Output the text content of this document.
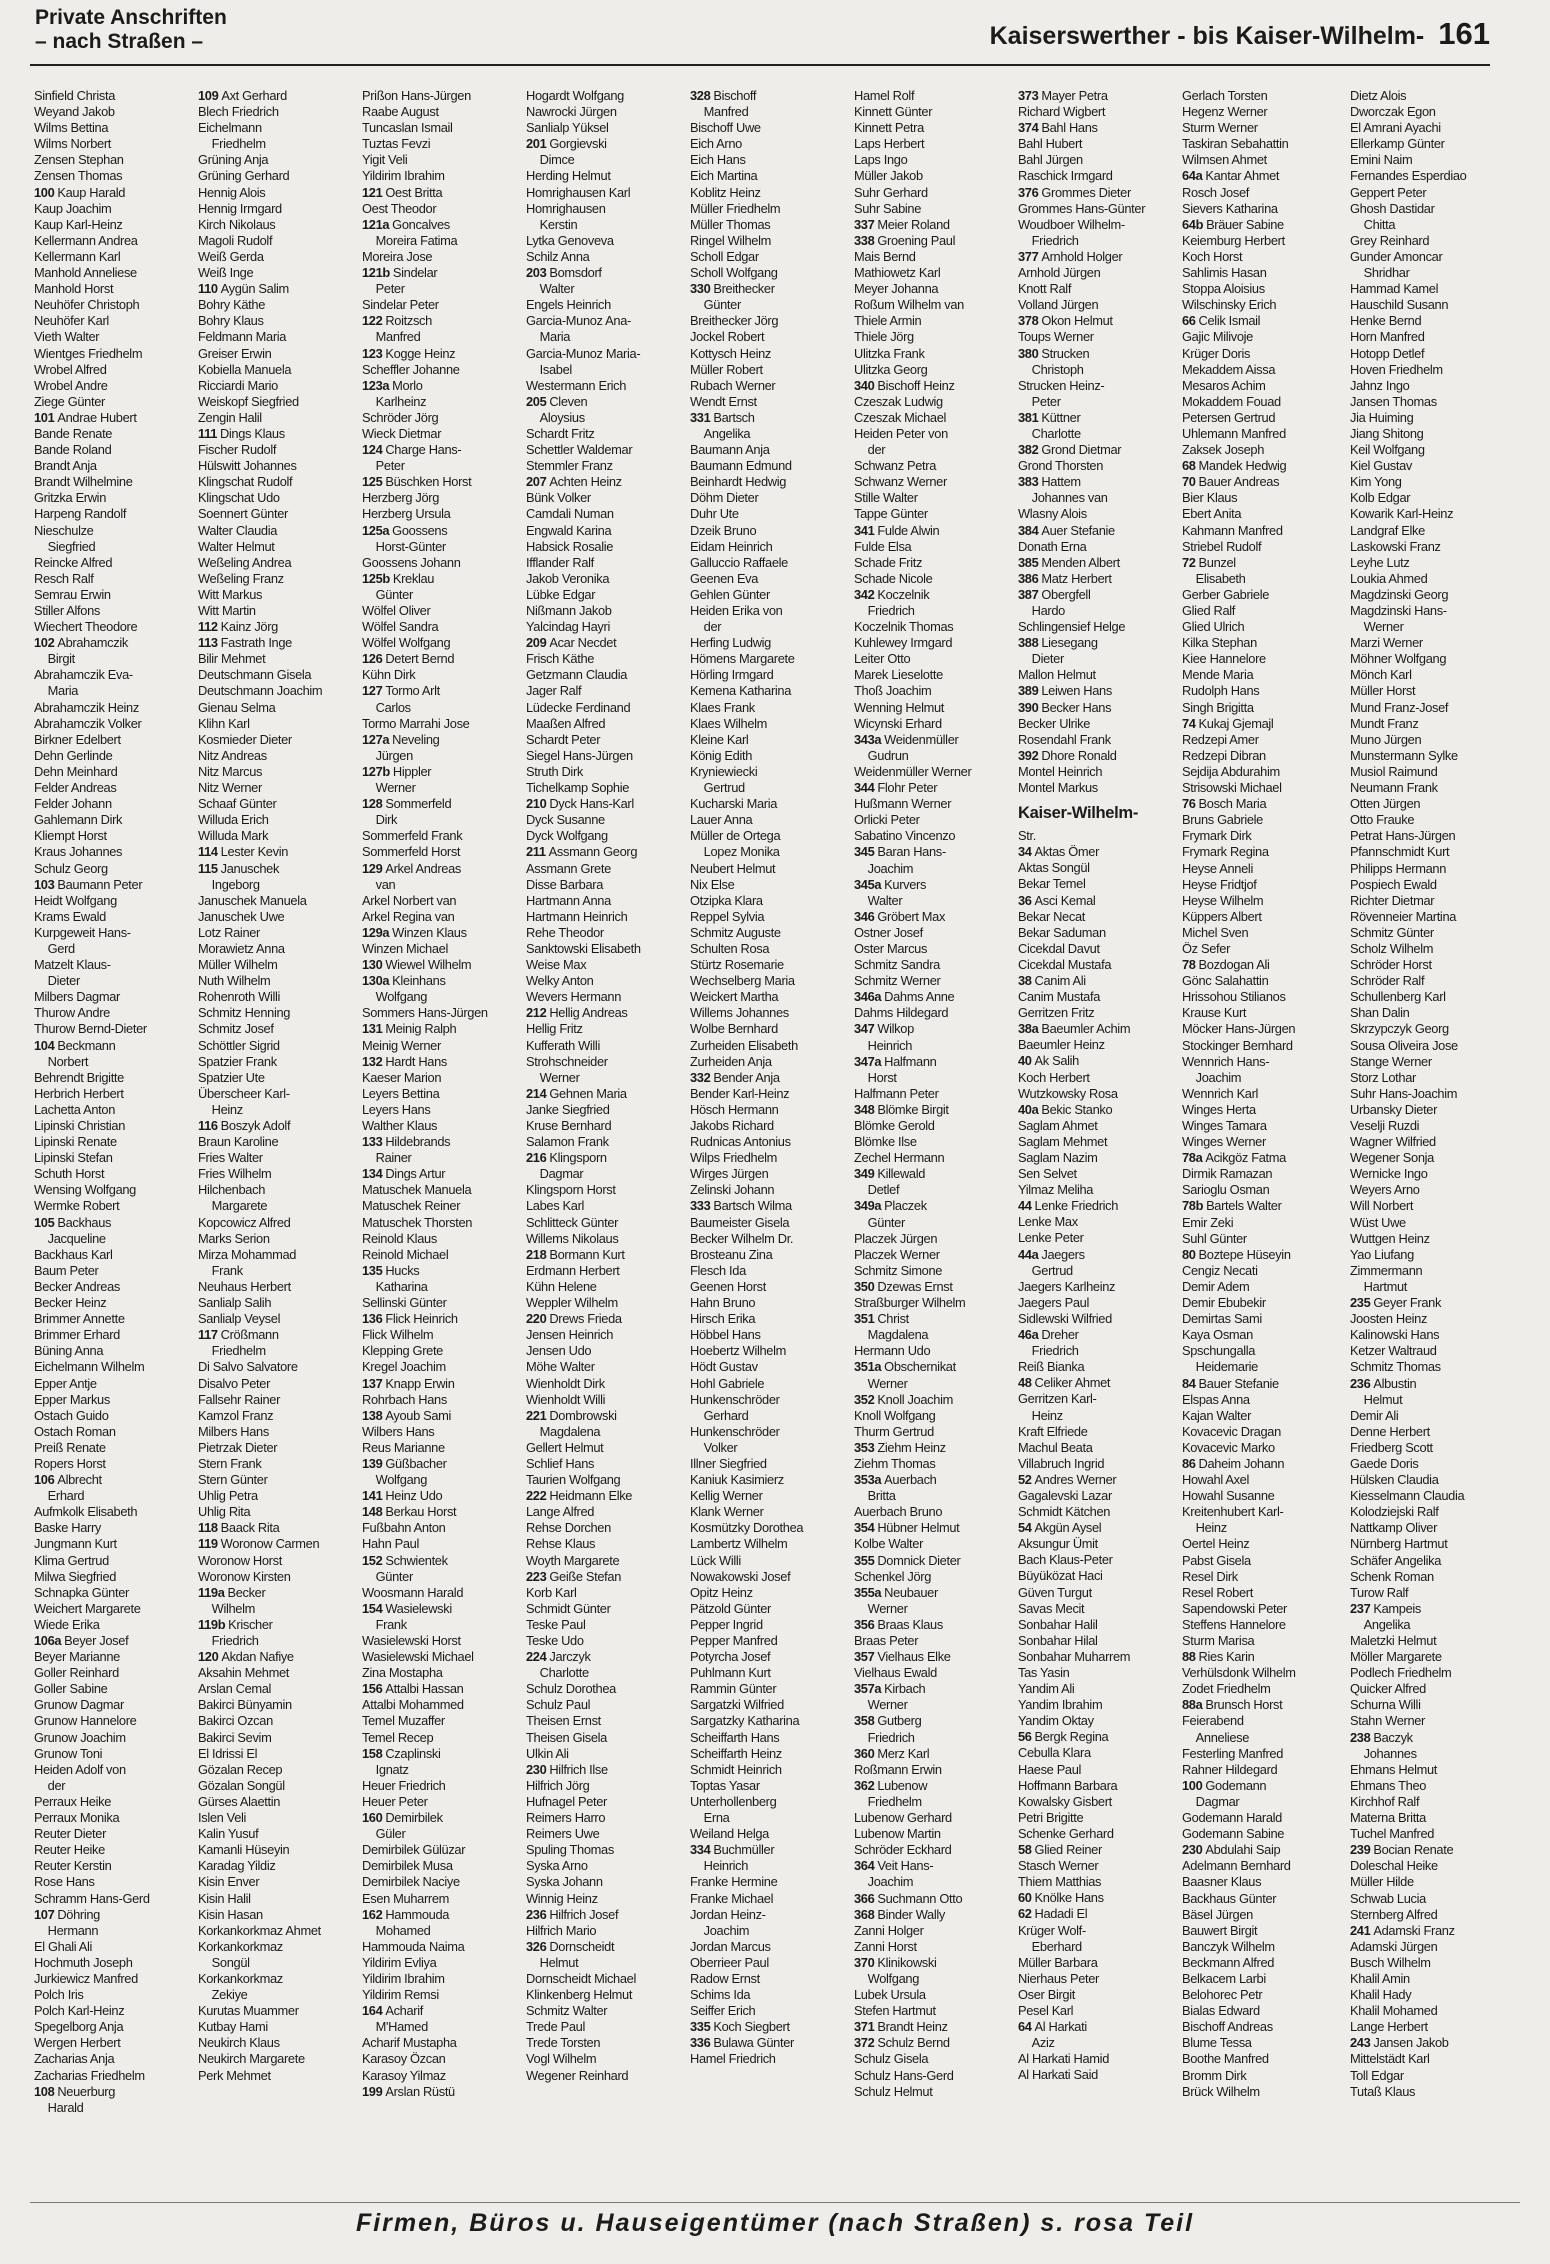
Private Anschriften
– nach Straßen –	Kaiserswerther - bis Kaiser-Wilhelm- 161
Sinfield Christa
Weyand Jakob
Wilms Bettina
Wilms Norbert
Zensen Stephan
Zensen Thomas
100 Kaup Harald
Kaup Joachim
Kaup Karl-Heinz
Kellermann Andrea
Kellermann Karl
Manhold Anneliese
Manhold Horst
Neuhöfer Christoph
Neuhöfer Karl
Vieth Walter
Wientges Friedhelm
Wrobel Alfred
Wrobel Andre
Ziege Günter
101 Andrae Hubert
Bande Renate
Bande Roland
Brandt Anja
Brandt Wilhelmine
Gritzka Erwin
Harpeng Randolf
Nieschulze
Siegfried
Reincke Alfred
Resch Ralf
Semrau Erwin
Stiller Alfons
Wiechert Theodore
102 Abrahamczik
Birgit
Abrahamczik Eva-
Maria
Abrahamczik Heinz
Abrahamczik Volker
Birkner Edelbert
Dehn Gerlinde
Dehn Meinhard
Felder Andreas
Felder Johann
Gahlemann Dirk
Kliempt Horst
Kraus Johannes
Schulz Georg
103 Baumann Peter
Heidt Wolfgang
Krams Ewald
Kurpgeweit Hans-
Gerd
Matzelt Klaus-
Dieter
Milbers Dagmar
Thurow Andre
Thurow Bernd-Dieter
104 Beckmann
Norbert
Behrendt Brigitte
Herbrich Herbert
Lachetta Anton
Lipinski Christian
Lipinski Renate
Lipinski Stefan
Schuth Horst
Wensing Wolfgang
Wermke Robert
105 Backhaus
Jacqueline
Backhaus Karl
Baum Peter
Becker Andreas
Becker Heinz
Brimmer Annette
Brimmer Erhard
Büning Anna
Eichelmann Wilhelm
Epper Antje
Epper Markus
Ostach Guido
Ostach Roman
Preiß Renate
Ropers Horst
106 Albrecht
Erhard
Aufmkolk Elisabeth
Baske Harry
Jungmann Kurt
Klima Gertrud
Milwa Siegfried
Schnapka Günter
Weichert Margarete
Wiede Erika
106a Beyer Josef
Beyer Marianne
Goller Reinhard
Goller Sabine
Grunow Dagmar
Grunow Hannelore
Grunow Joachim
Grunow Toni
Heiden Adolf von
der
Perraux Heike
Perraux Monika
Reuter Dieter
Reuter Heike
Reuter Kerstin
Rose Hans
Schramm Hans-Gerd
107 Döhring
Hermann
El Ghali Ali
Hochmuth Joseph
Jurkiewicz Manfred
Polch Iris
Polch Karl-Heinz
Spegelborg Anja
Wergen Herbert
Zacharias Anja
Zacharias Friedhelm
108 Neuerburg
Harald
109 Axt Gerhard
Blech Friedrich
Eichelmann
Friedhelm
Grüning Anja
Grüning Gerhard
Hennig Alois
Hennig Irmgard
Kirch Nikolaus
Magoli Rudolf
Weiß Gerda
Weiß Inge
110 Aygün Salim
Bohry Käthe
Bohry Klaus
Feldmann Maria
Greiser Erwin
Kobiella Manuela
Ricciardi Mario
Weiskopf Siegfried
Zengin Halil
111 Dings Klaus
Fischer Rudolf
Hülswitt Johannes
Klingschat Rudolf
Klingschat Udo
Soennert Günter
Walter Claudia
Walter Helmut
Weßeling Andrea
Weßeling Franz
Witt Markus
Witt Martin
112 Kainz Jörg
113 Fastrath Inge
Bilir Mehmet
Deutschmann Gisela
Deutschmann Joachim
Gienau Selma
Klihn Karl
Kosmieder Dieter
Nitz Andreas
Nitz Marcus
Nitz Werner
Schaaf Günter
Willuda Erich
Willuda Mark
114 Lester Kevin
115 Januschek
Ingeborg
Januschek Manuela
Januschek Uwe
Lotz Rainer
Morawietz Anna
Müller Wilhelm
Nuth Wilhelm
Rohenroth Willi
Schmitz Henning
Schmitz Josef
Schöttler Sigrid
Spatzier Frank
Spatzier Ute
Überscheer Karl-
Heinz
116 Boszyk Adolf
Braun Karoline
Fries Walter
Fries Wilhelm
Hilchenbach
Margarete
Kopcowicz Alfred
Marks Serion
Mirza Mohammad
Frank
Neuhaus Herbert
Sanlialp Salih
Sanlialp Veysel
117 Crößmann
Friedhelm
Di Salvo Salvatore
Disalvo Peter
Fallsehr Rainer
Kamzol Franz
Milbers Hans
Pietrzak Dieter
Stern Frank
Stern Günter
Uhlig Petra
Uhlig Rita
118 Baack Rita
119 Woronow Carmen
Woronow Horst
Woronow Kirsten
119a Becker
Wilhelm
119b Krischer
Friedrich
120 Akdan Nafiye
Aksahin Mehmet
Arslan Cemal
Bakirci Bünyamin
Bakirci Ozcan
Bakirci Sevim
El Idrissi El
Gözalan Recep
Gözalan Songül
Gürses Alaettin
Islen Veli
Kalin Yusuf
Kamanli Hüseyin
Karadag Yildiz
Kisin Enver
Kisin Halil
Kisin Hasan
Korkankorkmaz Ahmet
Korkankorkmaz
Songül
Korkankorkmaz
Zekiye
Kurutas Muammer
Kutbay Hami
Neukirch Klaus
Neukirch Margarete
Perk Mehmet
Prißon Hans-Jürgen
Raabe August
Tuncaslan Ismail
Tuztas Fevzi
Yigit Veli
Yildirim Ibrahim
121 Oest Britta
Oest Theodor
121a Goncalves
Moreira Fatima
Moreira Jose
121b Sindelar
Peter
Sindelar Peter
122 Roitzsch
Manfred
123 Kogge Heinz
Scheffler Johanne
123a Morlo
Karlheinz
Schröder Jörg
Wieck Dietmar
124 Charge Hans-
Peter
125 Büschken Horst
Herzberg Jörg
Herzberg Ursula
125a Goossens
Horst-Günter
Goossens Johann
125b Kreklau
Günter
Wölfel Oliver
Wölfel Sandra
Wölfel Wolfgang
126 Detert Bernd
Kühn Dirk
127 Tormo Arlt
Carlos
Tormo Marrahi Jose
127a Neveling
Jürgen
127b Hippler
Werner
128 Sommerfeld
Dirk
Sommerfeld Frank
Sommerfeld Horst
129 Arkel Andreas
van
Arkel Norbert van
Arkel Regina van
129a Winzen Klaus
Winzen Michael
130 Wiewel Wilhelm
130a Kleinhans
Wolfgang
Sommers Hans-Jürgen
131 Meinig Ralph
Meinig Werner
132 Hardt Hans
Kaeser Marion
Leyers Bettina
Leyers Hans
Walther Klaus
133 Hildebrands
Rainer
134 Dings Artur
Matuschek Manuela
Matuschek Reiner
Matuschek Thorsten
Reinold Klaus
Reinold Michael
135 Hucks
Katharina
Sellinski Günter
136 Flick Heinrich
Flick Wilhelm
Klepping Grete
Kregel Joachim
137 Knapp Erwin
Rohrbach Hans
138 Ayoub Sami
Wilbers Hans
Reus Marianne
139 Güßbacher
Wolfgang
141 Heinz Udo
148 Berkau Horst
Fußbahn Anton
Hahn Paul
152 Schwientek
Günter
Woosmann Harald
154 Wasielewski
Frank
Wasielewski Horst
Wasielewski Michael
Zina Mostapha
156 Attalbi Hassan
Attalbi Mohammed
Temel Muzaffer
Temel Recep
158 Czaplinski
Ignatz
Heuer Friedrich
Heuer Peter
160 Demirbilek
Güler
Demirbilek Gülüzar
Demirbilek Musa
Demirbilek Naciye
Esen Muharrem
162 Hammouda
Mohamed
Hammouda Naima
Yildirim Evliya
Yildirim Ibrahim
Yildirim Remsi
164 Acharif
M'Hamed
Acharif Mustapha
Karasoy Özcan
Karasoy Yilmaz
199 Arslan Rüstü
Hogardt Wolfgang
Nawrocki Jürgen
Sanlialp Yüksel
201 Gorgievski
Dimce
Herding Helmut
Homrighausen Karl
Homrighausen
Kerstin
Lytka Genoveva
Schilz Anna
203 Bomsdorf
Walter
Engels Heinrich
Garcia-Munoz Ana-
Maria
Garcia-Munoz Maria-
Isabel
Westermann Erich
205 Cleven
Aloysius
Schardt Fritz
Schettler Waldemar
Stemmler Franz
207 Achten Heinz
Bünk Volker
Camdali Numan
Engwald Karina
Habsick Rosalie
Ifflander Ralf
Jakob Veronika
Lübke Edgar
Nißmann Jakob
Yalcindag Hayri
209 Acar Necdet
Frisch Käthe
Getzmann Claudia
Jager Ralf
Lüdecke Ferdinand
Maaßen Alfred
Schardt Peter
Siegel Hans-Jürgen
Struth Dirk
Tichelkamp Sophie
210 Dyck Hans-Karl
Dyck Susanne
Dyck Wolfgang
211 Assmann Georg
Assmann Grete
Disse Barbara
Hartmann Anna
Hartmann Heinrich
Rehe Theodor
Sanktowski Elisabeth
Weise Max
Welky Anton
Wevers Hermann
212 Hellig Andreas
Hellig Fritz
Kufferath Willi
Strohschneider
Werner
214 Gehnen Maria
Janke Siegfried
Kruse Bernhard
Salamon Frank
216 Klingsporn
Dagmar
Klingsporn Horst
Labes Karl
Schlitteck Günter
Willems Nikolaus
218 Bormann Kurt
Erdmann Herbert
Kühn Helene
Weppler Wilhelm
220 Drews Frieda
Jensen Heinrich
Jensen Udo
Möhe Walter
Wienholdt Dirk
Wienholdt Willi
221 Dombrowski
Magdalena
Gellert Helmut
Schlief Hans
Taurien Wolfgang
222 Heidmann Elke
Lange Alfred
Rehse Dorchen
Rehse Klaus
Woyth Margarete
223 Geiße Stefan
Korb Karl
Schmidt Günter
Teske Paul
Teske Udo
224 Jarczyk
Charlotte
Schulz Dorothea
Schulz Paul
Theisen Ernst
Theisen Gisela
Ulkin Ali
230 Hilfrich Ilse
Hilfrich Jörg
Hufnagel Peter
Reimers Harro
Reimers Uwe
Spuling Thomas
Syska Arno
Syska Johann
Winnig Heinz
236 Hilfrich Josef
Hilfrich Mario
326 Dornscheidt
Helmut
Dornscheidt Michael
Klinkenberg Helmut
Schmitz Walter
Trede Paul
Trede Torsten
Vogl Wilhelm
Wegener Reinhard
328 Bischoff
Manfred
Bischoff Uwe
Eich Arno
Eich Hans
Eich Martina
Koblitz Heinz
Müller Friedhelm
Müller Thomas
Ringel Wilhelm
Scholl Edgar
Scholl Wolfgang
330 Breithecker
Günter
Breithecker Jörg
Jockel Robert
Kottysch Heinz
Müller Robert
Rubach Werner
Wendt Ernst
331 Bartsch
Angelika
Baumann Anja
Baumann Edmund
Beinhardt Hedwig
Döhm Dieter
Duhr Ute
Dzeik Bruno
Eidam Heinrich
Galluccio Raffaele
Geenen Eva
Gehlen Günter
Heiden Erika von
der
Herfing Ludwig
Hömens Margarete
Hörling Irmgard
Kemena Katharina
Klaes Frank
Klaes Wilhelm
Kleine Karl
König Edith
Kryniewiecki
Gertrud
Kucharski Maria
Lauer Anna
Müller de Ortega
Lopez Monika
Neubert Helmut
Nix Else
Otzipka Klara
Reppel Sylvia
Schmitz Auguste
Schulten Rosa
Stürtz Rosemarie
Wechselberg Maria
Weickert Martha
Willems Johannes
Wolbe Bernhard
Zurheiden Elisabeth
Zurheiden Anja
332 Bender Anja
Bender Karl-Heinz
Hösch Hermann
Jakobs Richard
Rudnicas Antonius
Wilps Friedhelm
Wirges Jürgen
Zelinski Johann
333 Bartsch Wilma
Baumeister Gisela
Becker Wilhelm Dr.
Brosteanu Zina
Flesch Ida
Geenen Horst
Hahn Bruno
Hirsch Erika
Höbbel Hans
Hoebertz Wilhelm
Hödt Gustav
Hohl Gabriele
Hunkenschröder
Gerhard
Hunkenschröder
Volker
Illner Siegfried
Kaniuk Kasimierz
Kellig Werner
Klank Werner
Kosmützky Dorothea
Lambertz Wilhelm
Lück Willi
Nowakowski Josef
Opitz Heinz
Pätzold Günter
Pepper Ingrid
Pepper Manfred
Potyrcha Josef
Puhlmann Kurt
Rammin Günter
Sargatzki Wilfried
Sargatzky Katharina
Scheiffarth Hans
Scheiffarth Heinz
Schmidt Heinrich
Toptas Yasar
Unterhollenberg
Erna
Weiland Helga
334 Buchmüller
Heinrich
Franke Hermine
Franke Michael
Jordan Heinz-
Joachim
Jordan Marcus
Oberrieer Paul
Radow Ernst
Schims Ida
Seiffer Erich
335 Koch Siegbert
336 Bulawa Günter
Hamel Friedrich
Hamel Rolf
Kinnett Günter
Kinnett Petra
Laps Herbert
Laps Ingo
Müller Jakob
Suhr Gerhard
Suhr Sabine
337 Meier Roland
338 Groening Paul
Mais Bernd
Mathiowetz Karl
Meyer Johanna
Roßum Wilhelm van
Thiele Armin
Thiele Jörg
Ulitzka Frank
Ulitzka Georg
340 Bischoff Heinz
Czeszak Ludwig
Czeszak Michael
Heiden Peter von
der
Schwanz Petra
Schwanz Werner
Stille Walter
Tappe Günter
341 Fulde Alwin
Fulde Elsa
Schade Fritz
Schade Nicole
342 Koczelnik
Friedrich
Koczelnik Thomas
Kuhlewey Irmgard
Leiter Otto
Marek Lieselotte
Thoß Joachim
Wenning Helmut
Wicynski Erhard
343a Weidenmüller
Gudrun
Weidenmüller Werner
344 Flohr Peter
Hußmann Werner
Orlicki Peter
Sabatino Vincenzo
345 Baran Hans-
Joachim
345a Kurvers
Walter
346 Gröbert Max
Ostner Josef
Oster Marcus
Schmitz Sandra
Schmitz Werner
346a Dahms Anne
Dahms Hildegard
347 Wilkop
Heinrich
347a Halfmann
Horst
Halfmann Peter
348 Blömke Birgit
Blömke Gerold
Blömke Ilse
Zechel Hermann
349 Killewald
Detlef
349a Placzek
Günter
Placzek Jürgen
Placzek Werner
Schmitz Simone
350 Dzewas Ernst
Straßburger Wilhelm
351 Christ
Magdalena
Hermann Udo
351a Obschernikat
Werner
352 Knoll Joachim
Knoll Wolfgang
Thurm Gertrud
353 Ziehm Heinz
Ziehm Thomas
353a Auerbach
Britta
Auerbach Bruno
354 Hübner Helmut
Kolbe Walter
355 Domnick Dieter
Schenkel Jörg
355a Neubauer
Werner
356 Braas Klaus
Braas Peter
357 Vielhaus Elke
Vielhaus Ewald
357a Kirbach
Werner
358 Gutberg
Friedrich
360 Merz Karl
Roßmann Erwin
362 Lubenow
Friedhelm
Lubenow Gerhard
Lubenow Martin
Schröder Eckhard
364 Veit Hans-
Joachim
366 Suchmann Otto
368 Binder Wally
Zanni Holger
Zanni Horst
370 Klinikowski
Wolfgang
Lubek Ursula
Stefen Hartmut
371 Brandt Heinz
372 Schulz Bernd
Schulz Gisela
Schulz Hans-Gerd
Schulz Helmut
373 Mayer Petra
Richard Wigbert
374 Bahl Hans
Bahl Hubert
Bahl Jürgen
Raschick Irmgard
376 Grommes Dieter
Grommes Hans-Günter
Woudboer Wilhelm-
Friedrich
377 Arnhold Holger
Arnhold Jürgen
Knott Ralf
Volland Jürgen
378 Okon Helmut
Toups Werner
380 Strucken
Christoph
Strucken Heinz-
Peter
381 Küttner
Charlotte
382 Grond Dietmar
Grond Thorsten
383 Hattem
Johannes van
Wlasny Alois
384 Auer Stefanie
Donath Erna
385 Menden Albert
386 Matz Herbert
387 Obergfell
Hardo
Schlingensief Helge
388 Liesegang
Dieter
Mallon Helmut
389 Leiwen Hans
390 Becker Hans
Becker Ulrike
Rosendahl Frank
392 Dhore Ronald
Montel Heinrich
Montel Markus
Kaiser-Wilhelm-
Str.
34 Aktas Ömer
Aktas Songül
Bekar Temel
36 Asci Kemal
Bekar Necat
Bekar Saduman
Cicekdal Davut
Cicekdal Mustafa
38 Canim Ali
Canim Mustafa
Gerritzen Fritz
38a Baeumler Achim
Baeumler Heinz
40 Ak Salih
Koch Herbert
Wutzkowsky Rosa
40a Bekic Stanko
Saglam Ahmet
Saglam Mehmet
Saglam Nazim
Sen Selvet
Yilmaz Meliha
44 Lenke Friedrich
Lenke Max
Lenke Peter
44a Jaegers
Gertrud
Jaegers Karlheinz
Jaegers Paul
Sidlewski Wilfried
46a Dreher
Friedrich
Reiß Bianka
48 Celiker Ahmet
Gerritzen Karl-
Heinz
Kraft Elfriede
Machul Beata
Villabruch Ingrid
52 Andres Werner
Gagalevski Lazar
Schmidt Kätchen
54 Akgün Aysel
Aksungur Ümit
Bach Klaus-Peter
Büyüközat Haci
Güven Turgut
Savas Mecit
Sonbahar Halil
Sonbahar Hilal
Sonbahar Muharrem
Tas Yasin
Yandim Ali
Yandim Ibrahim
Yandim Oktay
56 Bergk Regina
Cebulla Klara
Haese Paul
Hoffmann Barbara
Kowalsky Gisbert
Petri Brigitte
Schenke Gerhard
58 Glied Reiner
Stasch Werner
Thiem Matthias
60 Knölke Hans
62 Hadadi El
Krüger Wolf-
Eberhard
Müller Barbara
Nierhaus Peter
Oser Birgit
Pesel Karl
64 Al Harkati
Aziz
Al Harkati Hamid
Al Harkati Said
Gerlach Torsten
Hegenz Werner
Sturm Werner
Taskiran Sebahattin
Wilmsen Ahmet
64a Kantar Ahmet
Rosch Josef
Sievers Katharina
64b Bräuer Sabine
Keiemburg Herbert
Koch Horst
Sahlimis Hasan
Stoppa Aloisius
Wilschinsky Erich
66 Celik Ismail
Gajic Milivoje
Krüger Doris
Mekaddem Aissa
Mesaros Achim
Mokaddem Fouad
Petersen Gertrud
Uhlemann Manfred
Zaksek Joseph
68 Mandek Hedwig
70 Bauer Andreas
Bier Klaus
Ebert Anita
Kahmann Manfred
Striebel Rudolf
72 Bunzel
Elisabeth
Gerber Gabriele
Glied Ralf
Glied Ulrich
Kilka Stephan
Kiee Hannelore
Mende Maria
Rudolph Hans
Singh Brigitta
74 Kukaj Gjemajl
Redzepi Amer
Redzepi Dibran
Sejdija Abdurahim
Strisowski Michael
76 Bosch Maria
Bruns Gabriele
Frymark Dirk
Frymark Regina
Heyse Anneli
Heyse Fridtjof
Heyse Wilhelm
Küppers Albert
Michel Sven
Öz Sefer
78 Bozdogan Ali
Gönc Salahattin
Hrissohou Stilianos
Krause Kurt
Möcker Hans-Jürgen
Stockinger Bernhard
Wennrich Hans-
Joachim
Wennrich Karl
Winges Herta
Winges Tamara
Winges Werner
78a Acikgöz Fatma
Dirmik Ramazan
Sarioglu Osman
78b Bartels Walter
Emir Zeki
Suhl Günter
80 Boztepe Hüseyin
Cengiz Necati
Demir Adem
Demir Ebubekir
Demirtas Sami
Kaya Osman
Spschungalla
Heidemarie
84 Bauer Stefanie
Elspas Anna
Kajan Walter
Kovacevic Dragan
Kovacevic Marko
86 Daheim Johann
Howahl Axel
Howahl Susanne
Kreitenhubert Karl-
Heinz
Oertel Heinz
Pabst Gisela
Resel Dirk
Resel Robert
Sapendowski Peter
Steffens Hannelore
Sturm Marisa
88 Ries Karin
Verhülsdonk Wilhelm
Zodet Friedhelm
88a Brunsch Horst
Feierabend
Anneliese
Festerling Manfred
Rahner Hildegard
100 Godemann
Dagmar
Godemann Harald
Godemann Sabine
230 Abdulahi Saip
Adelmann Bernhard
Baasner Klaus
Backhaus Günter
Bäsel Jürgen
Bauwert Birgit
Banczyk Wilhelm
Beckmann Alfred
Belkacem Larbi
Belohorec Petr
Bialas Edward
Bischoff Andreas
Blume Tessa
Boothe Manfred
Bromm Dirk
Brück Wilhelm
Dietz Alois
Dworczak Egon
El Amrani Ayachi
Ellerkamp Günter
Emini Naim
Fernandes Esperdiao
Geppert Peter
Ghosh Dastidar
Chitta
Grey Reinhard
Gunder Amoncar
Shridhar
Hammad Kamel
Hauschild Susann
Henke Bernd
Horn Manfred
Hotopp Detlef
Hoven Friedhelm
Jahnz Ingo
Jansen Thomas
Jia Huiming
Jiang Shitong
Keil Wolfgang
Kiel Gustav
Kim Yong
Kolb Edgar
Kowarik Karl-Heinz
Landgraf Elke
Laskowski Franz
Leyhe Lutz
Loukia Ahmed
Magdzinski Georg
Magdzinski Hans-
Werner
Marzi Werner
Möhner Wolfgang
Mönch Karl
Müller Horst
Mund Franz-Josef
Mundt Franz
Muno Jürgen
Munstermann Sylke
Musiol Raimund
Neumann Frank
Otten Jürgen
Otto Frauke
Petrat Hans-Jürgen
Pfannschmidt Kurt
Philipps Hermann
Pospiech Ewald
Richter Dietmar
Rövenneier Martina
Schmitz Günter
Scholz Wilhelm
Schröder Horst
Schröder Ralf
Schullenberg Karl
Shan Dalin
Skrzypczyk Georg
Sousa Oliveira Jose
Stange Werner
Storz Lothar
Suhr Hans-Joachim
Urbansky Dieter
Veselji Ruzdi
Wagner Wilfried
Wegener Sonja
Wernicke Ingo
Weyers Arno
Will Norbert
Wüst Uwe
Wuttgen Heinz
Yao Liufang
Zimmermann
Hartmut
235 Geyer Frank
Joosten Heinz
Kalinowski Hans
Ketzer Waltraud
Schmitz Thomas
236 Albustin
Helmut
Demir Ali
Denne Herbert
Friedberg Scott
Gaede Doris
Hülsken Claudia
Kiesselmann Claudia
Kolodziejski Ralf
Nattkamp Oliver
Nürnberg Hartmut
Schäfer Angelika
Schenk Roman
Turow Ralf
237 Kampeis
Angelika
Maletzki Helmut
Möller Margarete
Podlech Friedhelm
Quicker Alfred
Schurna Willi
Stahn Werner
238 Baczyk
Johannes
Ehmans Helmut
Ehmans Theo
Kirchhof Ralf
Materna Britta
Tuchel Manfred
239 Bocian Renate
Doleschal Heike
Müller Hilde
Schwab Lucia
Sternberg Alfred
241 Adamski Franz
Adamski Jürgen
Busch Wilhelm
Khalil Amin
Khalil Hady
Khalil Mohamed
Lange Herbert
243 Jansen Jakob
Mittelstädt Karl
Toll Edgar
Tutaß Klaus
Firmen, Büros u. Hauseigentümer (nach Straßen) s. rosa Teil
